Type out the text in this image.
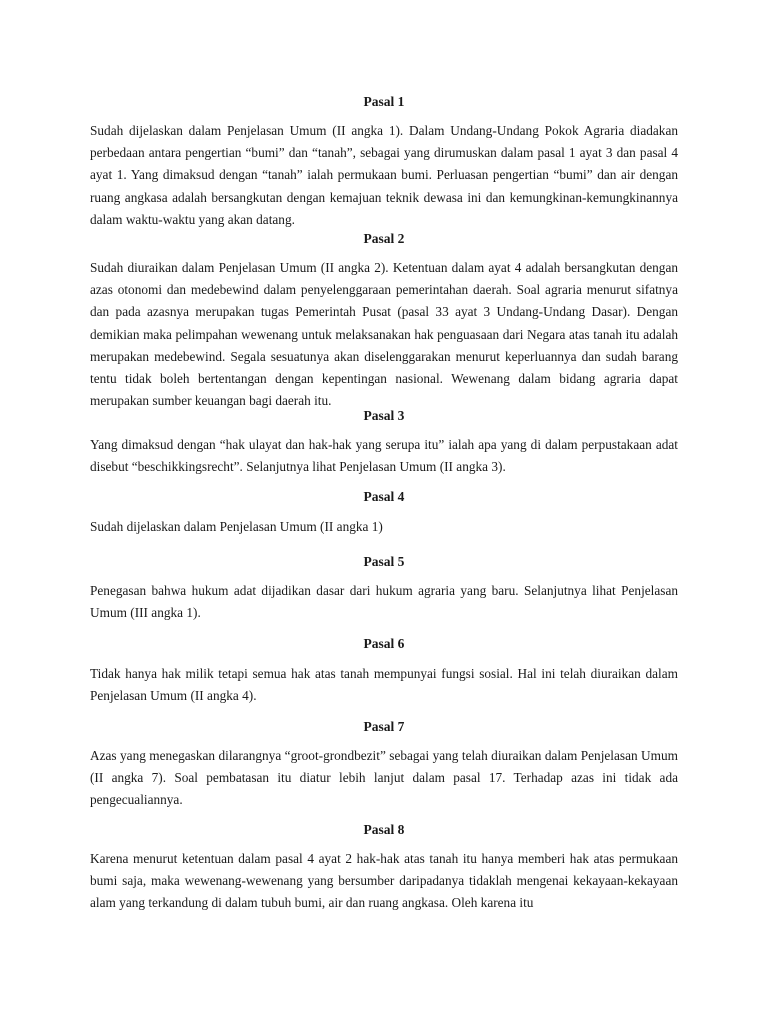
Pasal 1

Sudah dijelaskan dalam Penjelasan Umum (II angka 1). Dalam Undang-Undang Pokok Agraria diadakan perbedaan antara pengertian “bumi” dan “tanah”, sebagai yang dirumuskan dalam pasal 1 ayat 3 dan pasal 4 ayat 1. Yang dimaksud dengan “tanah” ialah permukaan bumi. Perluasan pengertian “bumi” dan air dengan ruang angkasa adalah bersangkutan dengan kemajuan teknik dewasa ini dan kemungkinan-kemungkinannya dalam waktu-waktu yang akan datang.

Pasal 2

Sudah diuraikan dalam Penjelasan Umum (II angka 2). Ketentuan dalam ayat 4 adalah bersangkutan dengan azas otonomi dan medebewind dalam penyelenggaraan pemerintahan daerah. Soal agraria menurut sifatnya dan pada azasnya merupakan tugas Pemerintah Pusat (pasal 33 ayat 3 Undang-Undang Dasar). Dengan demikian maka pelimpahan wewenang untuk melaksanakan hak penguasaan dari Negara atas tanah itu adalah merupakan medebewind. Segala sesuatunya akan diselenggarakan menurut keperluannya dan sudah barang tentu tidak boleh bertentangan dengan kepentingan nasional. Wewenang dalam bidang agraria dapat merupakan sumber keuangan bagi daerah itu.

Pasal 3

Yang dimaksud dengan “hak ulayat dan hak-hak yang serupa itu” ialah apa yang di dalam perpustakaan adat disebut “beschikkingsrecht”. Selanjutnya lihat Penjelasan Umum (II angka 3).

Pasal 4

Sudah dijelaskan dalam Penjelasan Umum (II angka 1)

Pasal 5

Penegasan bahwa hukum adat dijadikan dasar dari hukum agraria yang baru. Selanjutnya lihat Penjelasan Umum (III angka 1).

Pasal 6

Tidak hanya hak milik tetapi semua hak atas tanah mempunyai fungsi sosial. Hal ini telah diuraikan dalam Penjelasan Umum (II angka 4).

Pasal 7

Azas yang menegaskan dilarangnya “groot-grondbezit” sebagai yang telah diuraikan dalam Penjelasan Umum (II angka 7). Soal pembatasan itu diatur lebih lanjut dalam pasal 17. Terhadap azas ini tidak ada pengecualiannya.

Pasal 8

Karena menurut ketentuan dalam pasal 4 ayat 2 hak-hak atas tanah itu hanya memberi hak atas permukaan bumi saja, maka wewenang-wewenang yang bersumber daripadanya tidaklah mengenai kekayaan-kekayaan alam yang terkandung di dalam tubuh bumi, air dan ruang angkasa. Oleh karena itu
